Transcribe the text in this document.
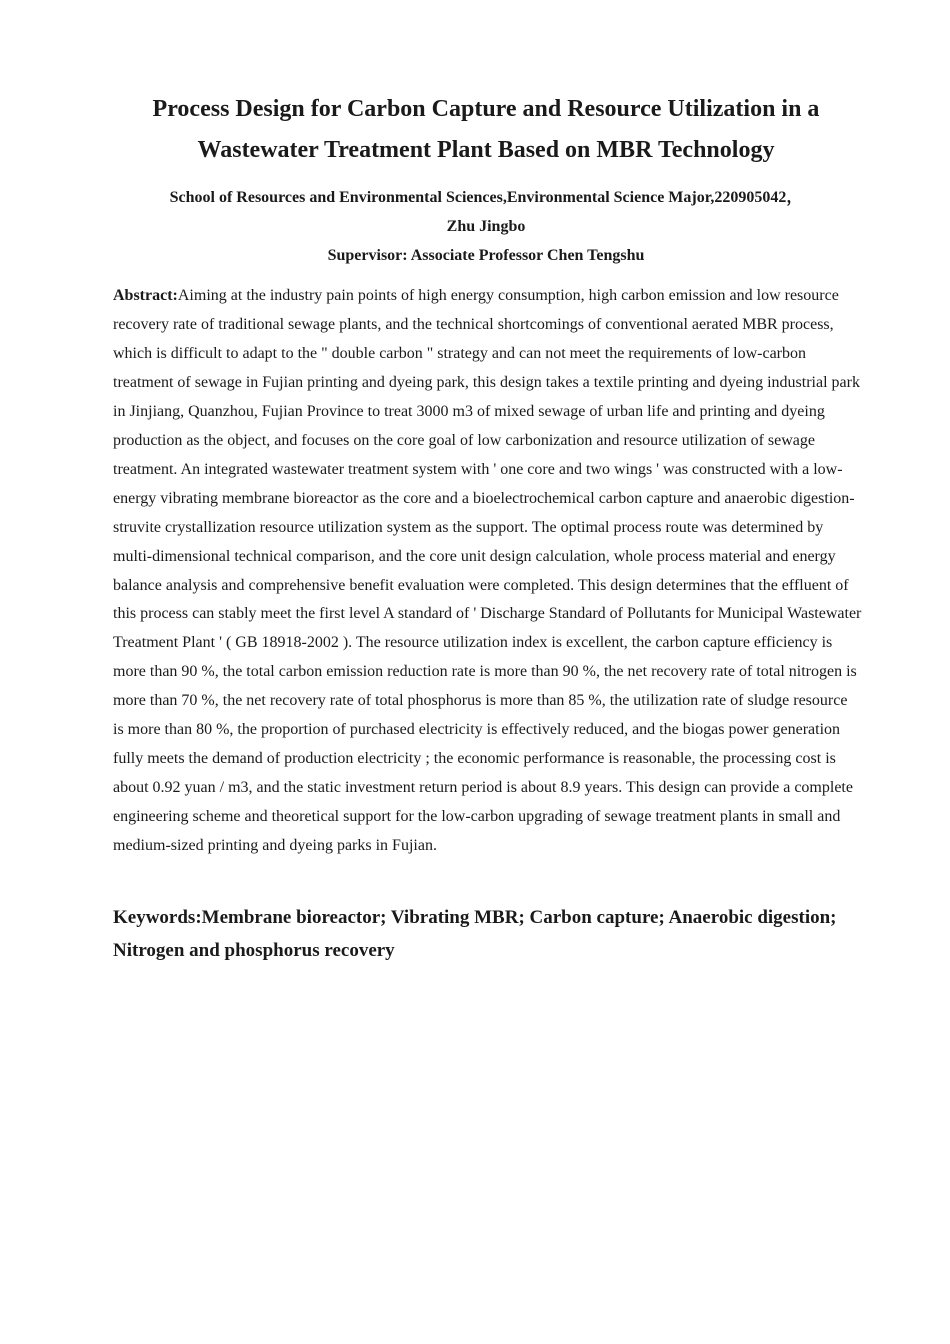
Process Design for Carbon Capture and Resource Utilization in a
Wastewater Treatment Plant Based on MBR Technology
School of Resources and Environmental Sciences,Environmental Science Major,220905042，
Zhu Jingbo
Supervisor: Associate Professor Chen Tengshu

Abstract:Aiming at the industry pain points of high energy consumption, high carbon emission and low resource recovery rate of traditional sewage plants, and the technical shortcomings of conventional aerated MBR process, which is difficult to adapt to the " double carbon " strategy and can not meet the requirements of low-carbon treatment of sewage in Fujian printing and dyeing park, this design takes a textile printing and dyeing industrial park in Jinjiang, Quanzhou, Fujian Province to treat 3000 m3 of mixed sewage of urban life and printing and dyeing production as the object, and focuses on the core goal of low carbonization and resource utilization of sewage treatment. An integrated wastewater treatment system with ' one core and two wings ' was constructed with a low-energy vibrating membrane bioreactor as the core and a bioelectrochemical carbon capture and anaerobic digestion- struvite crystallization resource utilization system as the support. The optimal process route was determined by multi-dimensional technical comparison, and the core unit design calculation, whole process material and energy balance analysis and comprehensive benefit evaluation were completed. This design determines that the effluent of this process can stably meet the first level A standard of ' Discharge Standard of Pollutants for Municipal Wastewater Treatment Plant ' ( GB 18918-2002 ). The resource utilization index is excellent, the carbon capture efficiency is more than 90 %, the total carbon emission reduction rate is more than 90 %, the net recovery rate of total nitrogen is more than 70 %, the net recovery rate of total phosphorus is more than 85 %, the utilization rate of sludge resource is more than 80 %, the proportion of purchased electricity is effectively reduced, and the biogas power generation fully meets the demand of production electricity ; the economic performance is reasonable, the processing cost is about 0.92 yuan / m3, and the static investment return period is about 8.9 years. This design can provide a complete engineering scheme and theoretical support for the low-carbon upgrading of sewage treatment plants in small and medium-sized printing and dyeing parks in Fujian.

Keywords:Membrane bioreactor; Vibrating MBR; Carbon capture; Anaerobic digestion; Nitrogen and phosphorus recovery
